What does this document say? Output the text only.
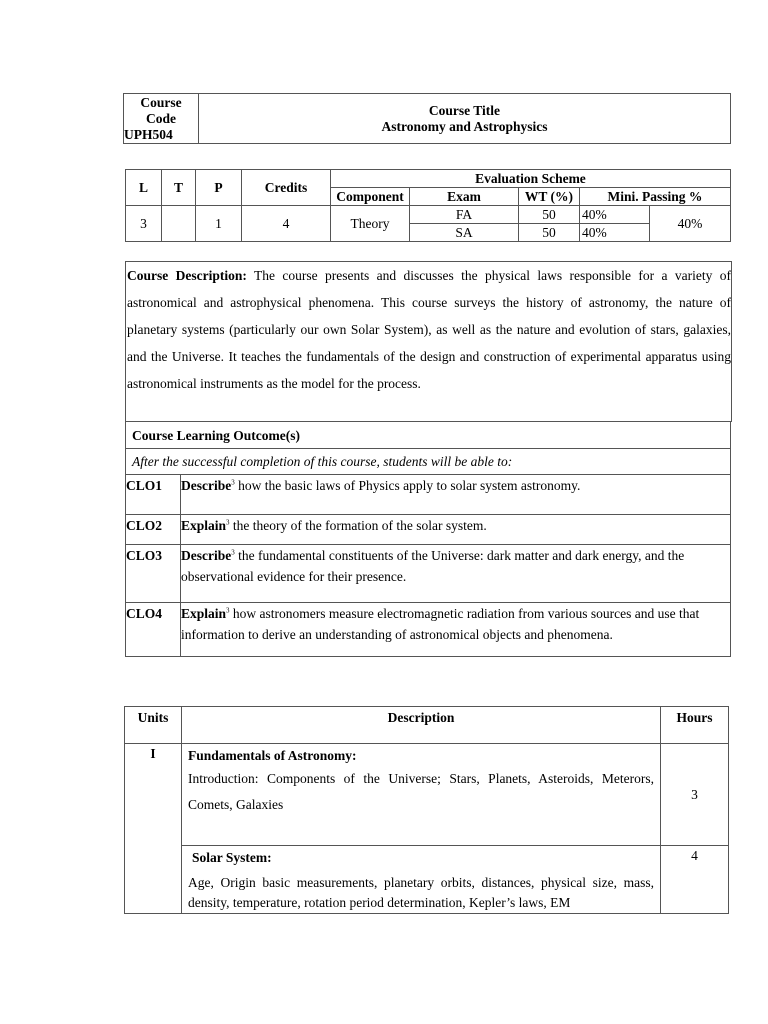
Course
Code
UPH504

Course Title
Astronomy and Astrophysics
L	T	P	Credits	Evaluation Scheme				
				Component	Exam	WT (%)	Mini. Passing %	
3		1	4	Theory	FA	50	40%	40%
					SA	50	40%	
Course Description: The course presents and discusses the physical laws responsible for a variety of astronomical and astrophysical phenomena. This course surveys the history of astronomy, the nature of planetary systems (particularly our own Solar System), as well as the nature and evolution of stars, galaxies, and the Universe. It teaches the fundamentals of the design and construction of experimental apparatus using astronomical instruments as the model for the process.
Course Learning Outcome(s)	
After the successful completion of this course, students will be able to:	
CLO1	Describe$^3$ how the basic laws of Physics apply to solar system astronomy.
CLO2	Explain$^3$ the theory of the formation of the solar system.
CLO3	Describe$^3$ the fundamental constituents of the Universe: dark matter and dark energy, and the observational evidence for their presence.
CLO4	Explain$^3$ how astronomers measure electromagnetic radiation from various sources and use that information to derive an understanding of astronomical objects and phenomena.
Units	Description	Hours
I	Fundamentals of Astronomy:
Introduction: Components of the Universe; Stars, Planets, Asteroids, Meterors, Comets, Galaxies	3

	Solar System:
Age, Origin basic measurements, planetary orbits, distances, physical size, mass, density, temperature, rotation period determination, Kepler’s laws, EM	4
